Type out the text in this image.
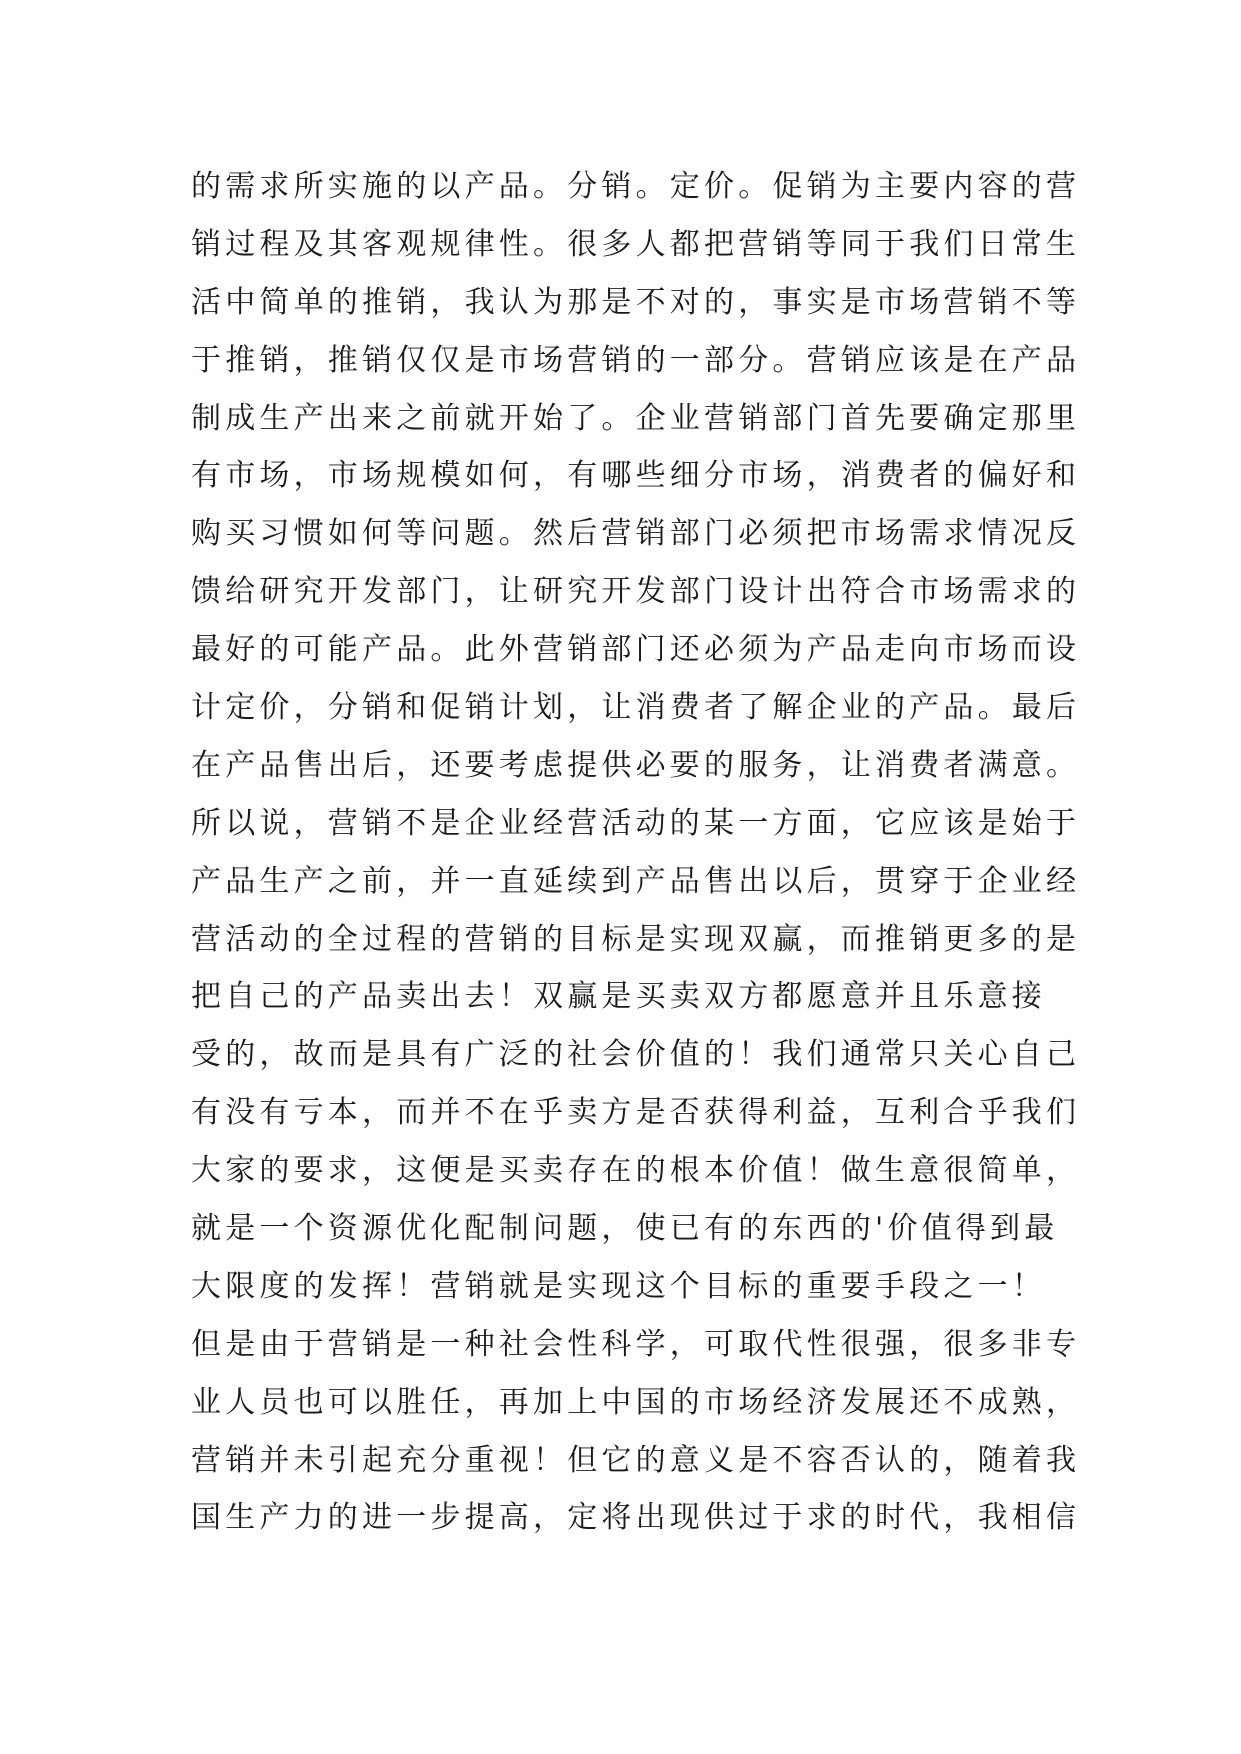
的需求所实施的以产品。分销。定价。促销为主要内容的营

销过程及其客观规律性。很多人都把营销等同于我们日常生

活中简单的推销，我认为那是不对的，事实是市场营销不等

于推销，推销仅仅是市场营销的一部分。营销应该是在产品

制成生产出来之前就开始了。企业营销部门首先要确定那里

有市场，市场规模如何，有哪些细分市场，消费者的偏好和

购买习惯如何等问题。然后营销部门必须把市场需求情况反

馈给研究开发部门，让研究开发部门设计出符合市场需求的

最好的可能产品。此外营销部门还必须为产品走向市场而设

计定价，分销和促销计划，让消费者了解企业的产品。最后

在产品售出后，还要考虑提供必要的服务，让消费者满意。

所以说，营销不是企业经营活动的某一方面，它应该是始于

产品生产之前，并一直延续到产品售出以后，贯穿于企业经

营活动的全过程的营销的目标是实现双赢，而推销更多的是

把自己的产品卖出去！双赢是买卖双方都愿意并且乐意接

受的，故而是具有广泛的社会价值的！我们通常只关心自己

有没有亏本，而并不在乎卖方是否获得利益，互利合乎我们

大家的要求，这便是买卖存在的根本价值！做生意很简单，

就是一个资源优化配制问题，使已有的东西的'价值得到最

大限度的发挥！营销就是实现这个目标的重要手段之一！

但是由于营销是一种社会性科学，可取代性很强，很多非专

业人员也可以胜任，再加上中国的市场经济发展还不成熟，

营销并未引起充分重视！但它的意义是不容否认的，随着我

国生产力的进一步提高，定将出现供过于求的时代，我相信
